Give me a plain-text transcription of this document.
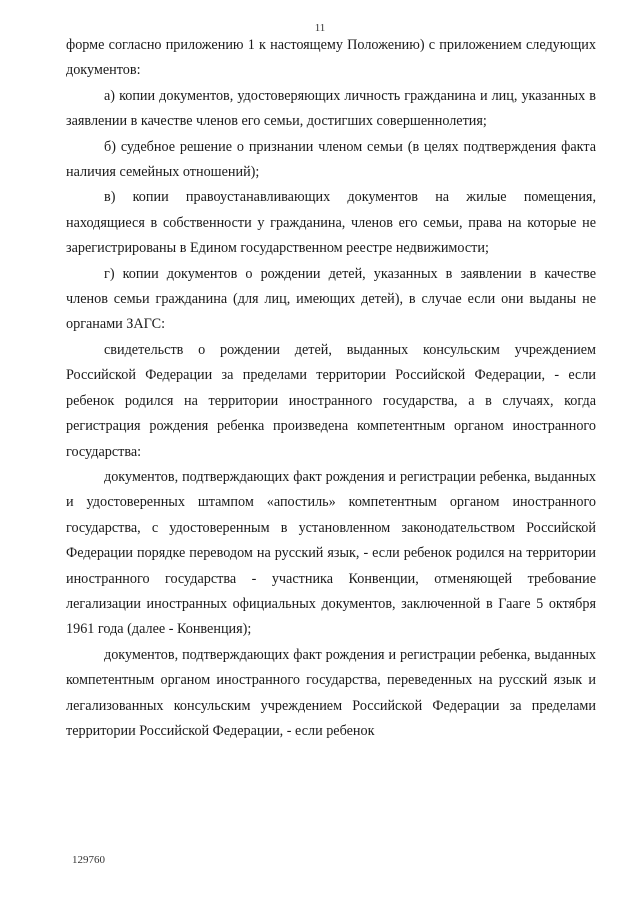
11

форме согласно приложению 1 к настоящему Положению) с приложением следующих документов:

а) копии документов, удостоверяющих личность гражданина и лиц, указанных в заявлении в качестве членов его семьи, достигших совершеннолетия;

б) судебное решение о признании членом семьи (в целях подтверждения факта наличия семейных отношений);

в) копии правоустанавливающих документов на жилые помещения, находящиеся в собственности у гражданина, членов его семьи, права на которые не зарегистрированы в Едином государственном реестре недвижимости;

г) копии документов о рождении детей, указанных в заявлении в качестве членов семьи гражданина (для лиц, имеющих детей), в случае если они выданы не органами ЗАГС:

свидетельств о рождении детей, выданных консульским учреждением Российской Федерации за пределами территории Российской Федерации, - если ребенок родился на территории иностранного государства, а в случаях, когда регистрация рождения ребенка произведена компетентным органом иностранного государства:

документов, подтверждающих факт рождения и регистрации ребенка, выданных и удостоверенных штампом «апостиль» компетентным органом иностранного государства, с удостоверенным в установленном законодательством Российской Федерации порядке переводом на русский язык, - если ребенок родился на территории иностранного государства - участника Конвенции, отменяющей требование легализации иностранных официальных документов, заключенной в Гааге 5 октября 1961 года (далее - Конвенция);

документов, подтверждающих факт рождения и регистрации ребенка, выданных компетентным органом иностранного государства, переведенных на русский язык и легализованных консульским учреждением Российской Федерации за пределами территории Российской Федерации, - если ребенок

129760
